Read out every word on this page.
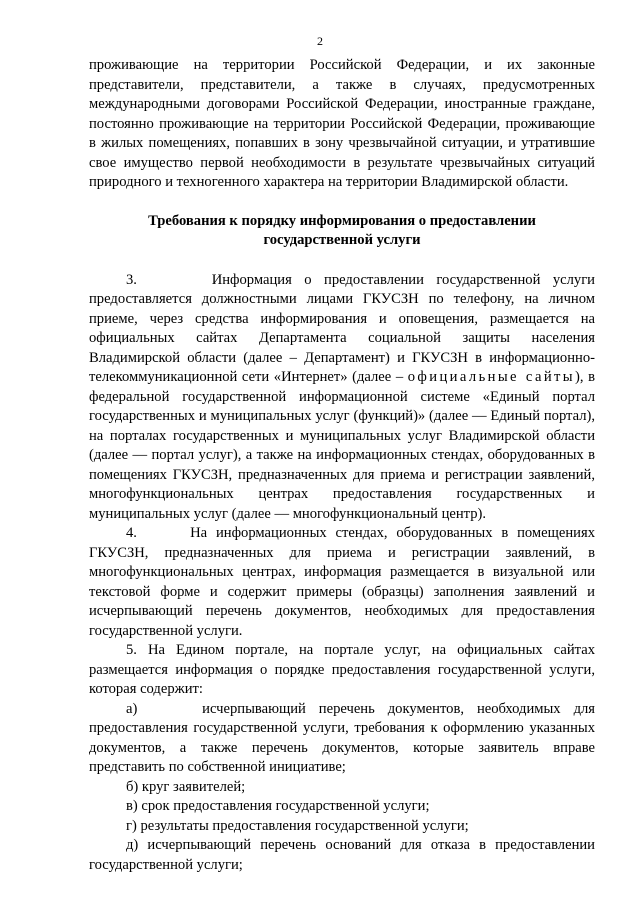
2

проживающие на территории Российской Федерации, и их законные представители, представители, а также в случаях, предусмотренных международными договорами Российской Федерации, иностранные граждане, постоянно проживающие на территории Российской Федерации, проживающие в жилых помещениях, попавших в зону чрезвычайной ситуации, и утратившие свое имущество первой необходимости в результате чрезвычайных ситуаций природного и техногенного характера на территории Владимирской области.

Требования к порядку информирования о предоставлении
государственной услуги

3.      Информация о предоставлении государственной услуги предоставляется должностными лицами ГКУСЗН по телефону, на личном приеме, через средства информирования и оповещения, размещается на официальных сайтах Департамента социальной защиты населения Владимирской области (далее – Департамент) и ГКУСЗН в информационно-телекоммуникационной сети «Интернет» (далее – официальные сайты), в федеральной государственной информационной системе «Единый портал государственных и муниципальных услуг (функций)» (далее — Единый портал), на порталах государственных и муниципальных услуг Владимирской области (далее — портал услуг), а также на информационных стендах, оборудованных в помещениях ГКУСЗН, предназначенных для приема и регистрации заявлений, многофункциональных центрах предоставления государственных и муниципальных услуг (далее — многофункциональный центр).

4.      На информационных стендах, оборудованных в помещениях ГКУСЗН, предназначенных для приема и регистрации заявлений, в многофункциональных центрах, информация размещается в визуальной или текстовой форме и содержит примеры (образцы) заполнения заявлений и исчерпывающий перечень документов, необходимых для предоставления государственной услуги.

5. На Едином портале, на портале услуг, на официальных сайтах размещается информация о порядке предоставления государственной услуги, которая содержит:

а)     исчерпывающий перечень документов, необходимых для предоставления государственной услуги, требования к оформлению указанных документов, а также перечень документов, которые заявитель вправе представить по собственной инициативе;

б) круг заявителей;

в) срок предоставления государственной услуги;

г) результаты предоставления государственной услуги;

д) исчерпывающий перечень оснований для отказа в предоставлении государственной услуги;
